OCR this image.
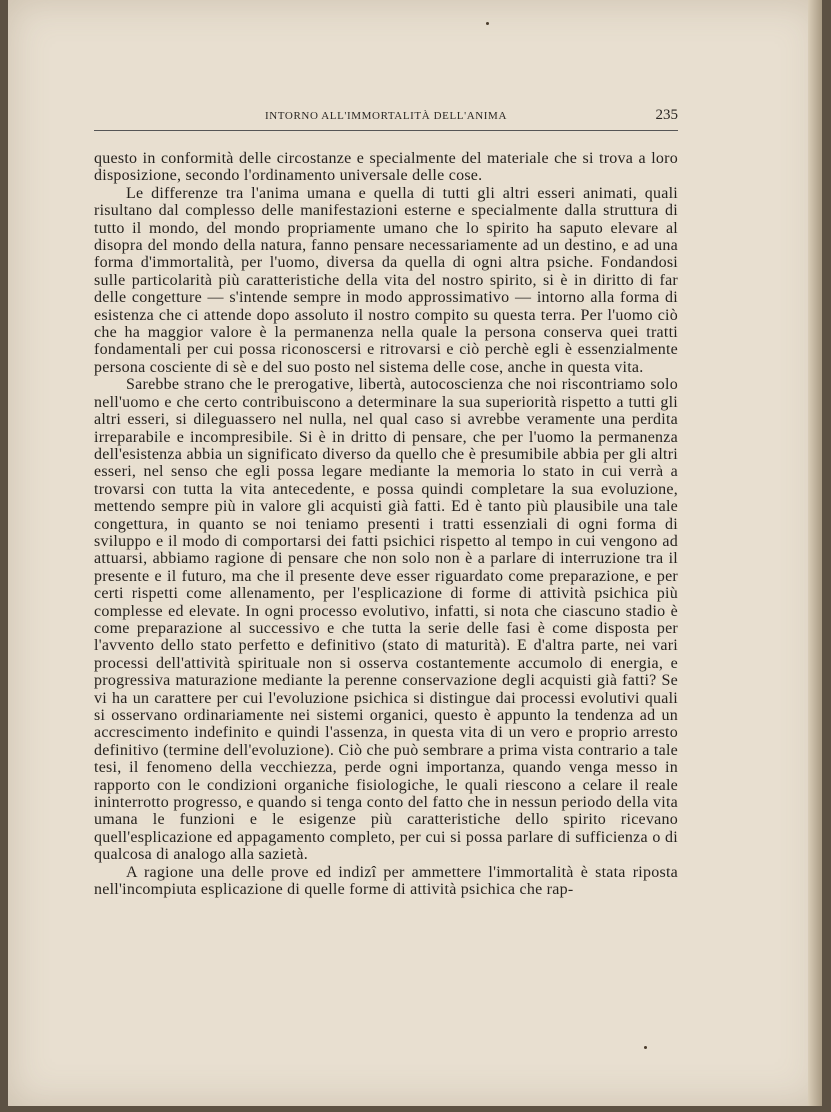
INTORNO ALL'IMMORTALITÀ DELL'ANIMA	235

questo in conformità delle circostanze e specialmente del materiale che si trova a loro disposizione, secondo l'ordinamento universale delle cose.

Le differenze tra l'anima umana e quella di tutti gli altri esseri animati, quali risultano dal complesso delle manifestazioni esterne e specialmente dalla struttura di tutto il mondo, del mondo propriamente umano che lo spirito ha saputo elevare al disopra del mondo della natura, fanno pensare necessariamente ad un destino, e ad una forma d'immortalità, per l'uomo, diversa da quella di ogni altra psiche. Fondandosi sulle particolarità più caratteristiche della vita del nostro spirito, si è in diritto di far delle congetture — s'intende sempre in modo approssimativo — intorno alla forma di esistenza che ci attende dopo assoluto il nostro compito su questa terra. Per l'uomo ciò che ha maggior valore è la permanenza nella quale la persona conserva quei tratti fondamentali per cui possa riconoscersi e ritrovarsi e ciò perchè egli è essenzialmente persona cosciente di sè e del suo posto nel sistema delle cose, anche in questa vita.

Sarebbe strano che le prerogative, libertà, autocoscienza che noi riscontriamo solo nell'uomo e che certo contribuiscono a determinare la sua superiorità rispetto a tutti gli altri esseri, si dileguassero nel nulla, nel qual caso si avrebbe veramente una perdita irreparabile e incompresibile. Si è in dritto di pensare, che per l'uomo la permanenza dell'esistenza abbia un significato diverso da quello che è presumibile abbia per gli altri esseri, nel senso che egli possa legare mediante la memoria lo stato in cui verrà a trovarsi con tutta la vita antecedente, e possa quindi completare la sua evoluzione, mettendo sempre più in valore gli acquisti già fatti. Ed è tanto più plausibile una tale congettura, in quanto se noi teniamo presenti i tratti essenziali di ogni forma di sviluppo e il modo di comportarsi dei fatti psichici rispetto al tempo in cui vengono ad attuarsi, abbiamo ragione di pensare che non solo non è a parlare di interruzione tra il presente e il futuro, ma che il presente deve esser riguardato come preparazione, e per certi rispetti come allenamento, per l'esplicazione di forme di attività psichica più complesse ed elevate. In ogni processo evolutivo, infatti, si nota che ciascuno stadio è come preparazione al successivo e che tutta la serie delle fasi è come disposta per l'avvento dello stato perfetto e definitivo (stato di maturità). E d'altra parte, nei vari processi dell'attività spirituale non si osserva costantemente accumolo di energia, e progressiva maturazione mediante la perenne conservazione degli acquisti già fatti? Se vi ha un carattere per cui l'evoluzione psichica si distingue dai processi evolutivi quali si osservano ordinariamente nei sistemi organici, questo è appunto la tendenza ad un accrescimento indefinito e quindi l'assenza, in questa vita di un vero e proprio arresto definitivo (termine dell'evoluzione). Ciò che può sembrare a prima vista contrario a tale tesi, il fenomeno della vecchiezza, perde ogni importanza, quando venga messo in rapporto con le condizioni organiche fisiologiche, le quali riescono a celare il reale ininterrotto progresso, e quando si tenga conto del fatto che in nessun periodo della vita umana le funzioni e le esigenze più caratteristiche dello spirito ricevano quell'esplicazione ed appagamento completo, per cui si possa parlare di sufficienza o di qualcosa di analogo alla sazietà.

A ragione una delle prove ed indizî per ammettere l'immortalità è stata riposta nell'incompiuta esplicazione di quelle forme di attività psichica che rap-
